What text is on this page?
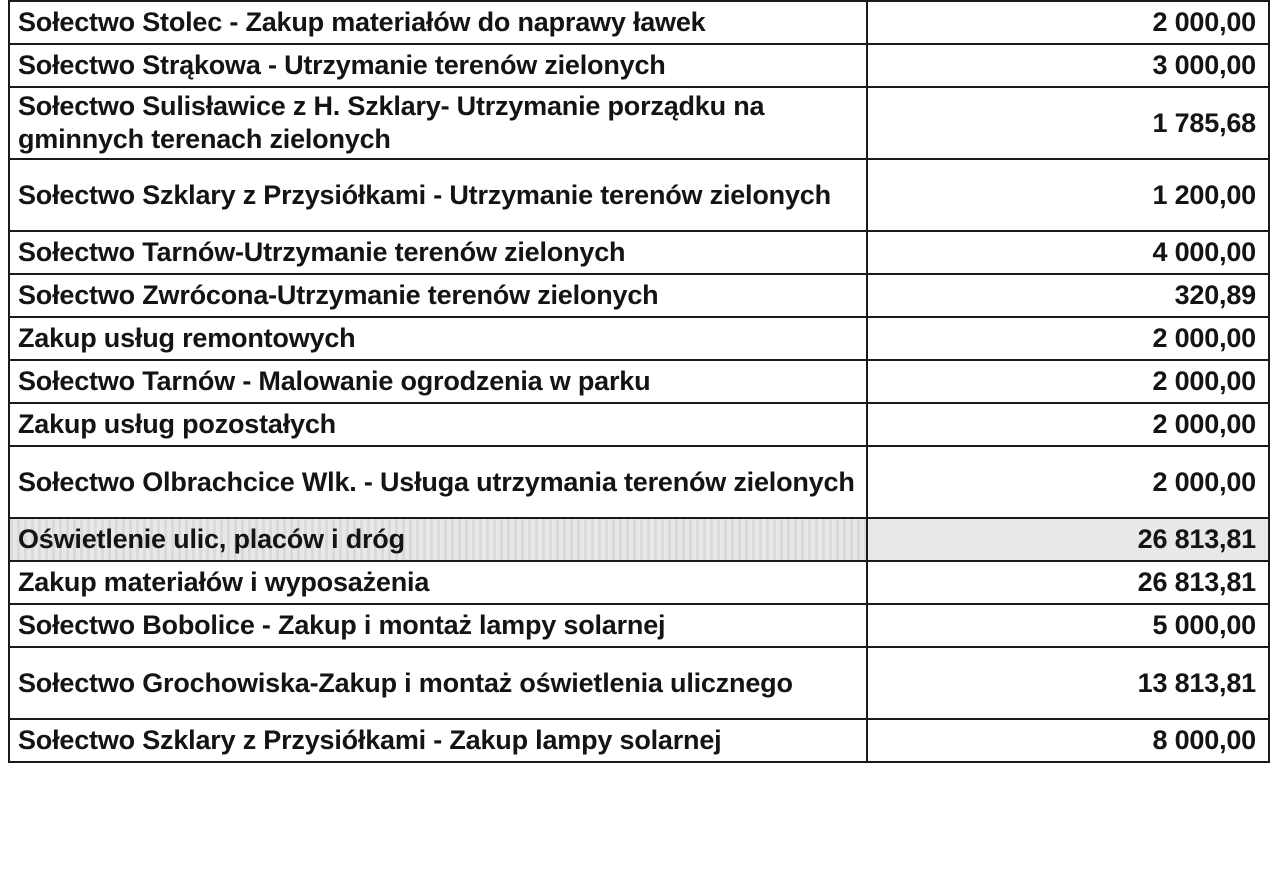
Sołectwo Stolec - Zakup materiałów do naprawy ławek	2 000,00
Sołectwo Strąkowa - Utrzymanie terenów zielonych	3 000,00
Sołectwo Sulisławice z H. Szklary- Utrzymanie porządku na gminnych terenach zielonych	1 785,68
Sołectwo Szklary z Przysiółkami - Utrzymanie terenów zielonych	1 200,00
Sołectwo Tarnów-Utrzymanie terenów zielonych	4 000,00
Sołectwo Zwrócona-Utrzymanie terenów zielonych	320,89
Zakup usług remontowych	2 000,00
Sołectwo Tarnów - Malowanie ogrodzenia w parku	2 000,00
Zakup usług pozostałych	2 000,00
Sołectwo Olbrachcice Wlk. - Usługa utrzymania terenów zielonych	2 000,00
Oświetlenie ulic, placów i dróg	26 813,81
Zakup materiałów i wyposażenia	26 813,81
Sołectwo Bobolice - Zakup i montaż lampy solarnej	5 000,00
Sołectwo Grochowiska-Zakup i montaż oświetlenia ulicznego	13 813,81
Sołectwo Szklary z Przysiółkami - Zakup lampy solarnej	8 000,00
